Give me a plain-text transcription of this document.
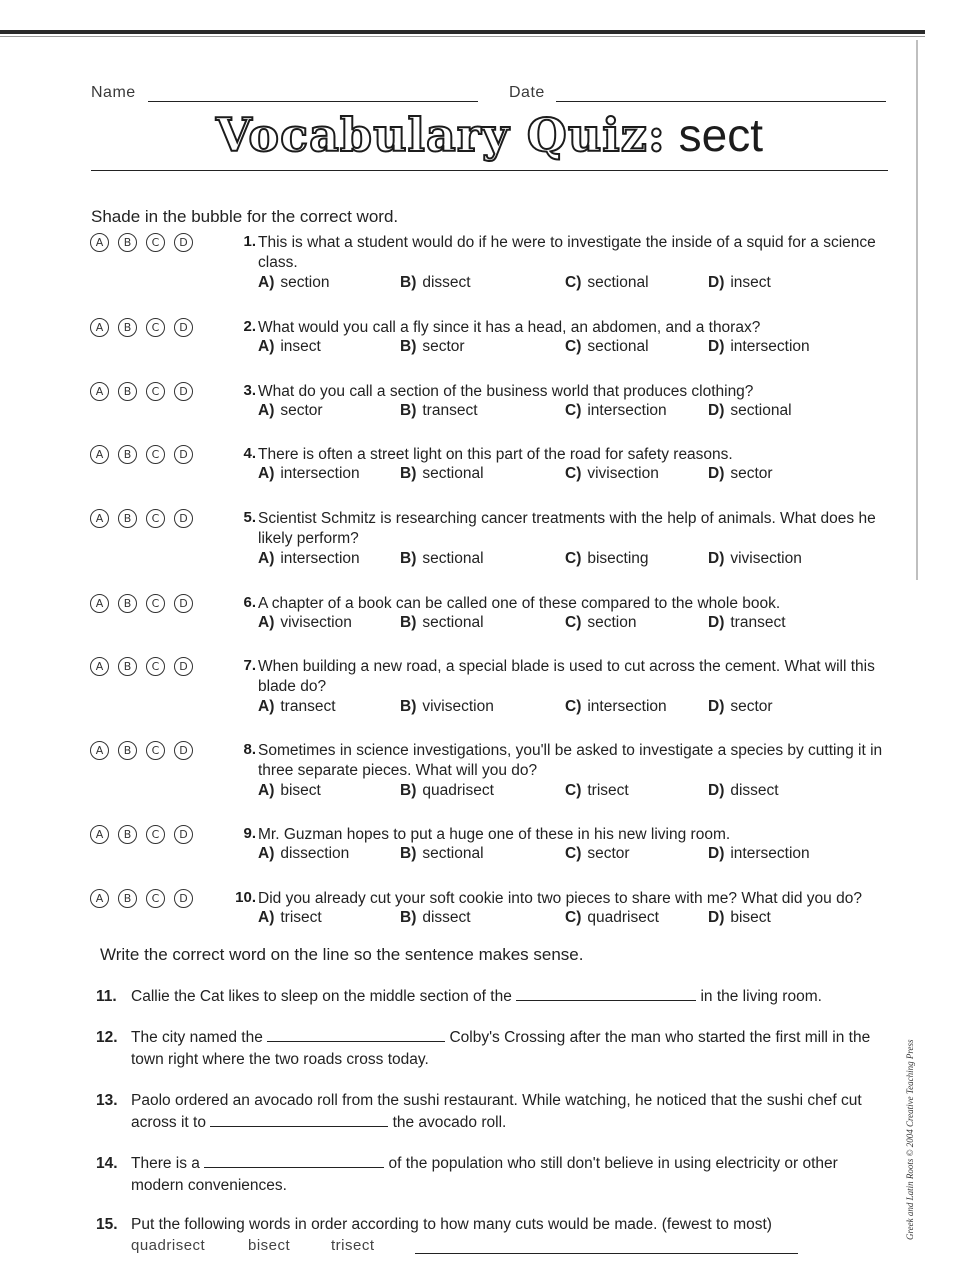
Name	Date
Vocabulary Quiz: sect
Shade in the bubble for the correct word.
A	B	C	D	1. This is what a student would do if he were to investigate the inside of a squid for a science class.
A) section	B) dissect	C) sectional	D) insect
A	B	C	D	2. What would you call a fly since it has a head, an abdomen, and a thorax?
A) insect	B) sector	C) sectional	D) intersection
A	B	C	D	3. What do you call a section of the business world that produces clothing?
A) sector	B) transect	C) intersection	D) sectional
A	B	C	D	4. There is often a street light on this part of the road for safety reasons.
A) intersection	B) sectional	C) vivisection	D) sector
A	B	C	D	5. Scientist Schmitz is researching cancer treatments with the help of animals. What does he likely perform?
A) intersection	B) sectional	C) bisecting	D) vivisection
A	B	C	D	6. A chapter of a book can be called one of these compared to the whole book.
A) vivisection	B) sectional	C) section	D) transect
A	B	C	D	7. When building a new road, a special blade is used to cut across the cement. What will this blade do?
A) transect	B) vivisection	C) intersection	D) sector
A	B	C	D	8. Sometimes in science investigations, you'll be asked to investigate a species by cutting it in three separate pieces. What will you do?
A) bisect	B) quadrisect	C) trisect	D) dissect
A	B	C	D	9. Mr. Guzman hopes to put a huge one of these in his new living room.
A) dissection	B) sectional	C) sector	D) intersection
A	B	C	D	10. Did you already cut your soft cookie into two pieces to share with me? What did you do?
A) trisect	B) dissect	C) quadrisect	D) bisect
Write the correct word on the line so the sentence makes sense.
11. Callie the Cat likes to sleep on the middle section of the	in the living room.
12. The city named the	Colby's Crossing after the man who started the first mill in the town right where the two roads cross today.
13. Paolo ordered an avocado roll from the sushi restaurant. While watching, he noticed that the sushi chef cut across it to	the avocado roll.
14. There is a	of the population who still don't believe in using electricity or other modern conveniences.
15. Put the following words in order according to how many cuts would be made. (fewest to most)
quadrisect	bisect	trisect
Greek and Latin Roots © 2004 Creative Teaching Press
